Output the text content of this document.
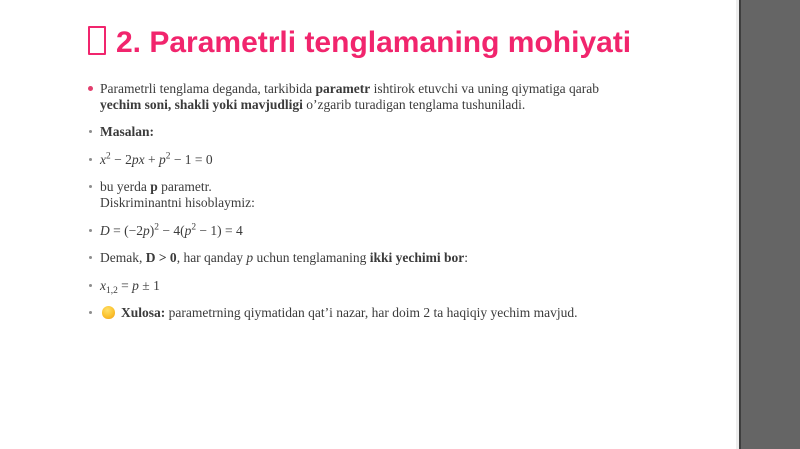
2. Parametrli tenglamaning mohiyati
Parametrli tenglama deganda, tarkibida parametr ishtirok etuvchi va uning qiymatiga qarab yechim soni, shakli yoki mavjudligi o’zgarib turadigan tenglama tushuniladi.
Masalan:
$x^2 - 2px + p^2 - 1 = 0$
bu yerda p parametr.
Diskriminantni hisoblaymiz:
$D = (-2p)^2 - 4(p^2 - 1) = 4$
Demak, D > 0, har qanday p uchun tenglamaning ikki yechimi bor:
$x_{1,2} = p \pm 1$
Xulosa: parametrning qiymatidan qat’i nazar, har doim 2 ta haqiqiy yechim mavjud.
